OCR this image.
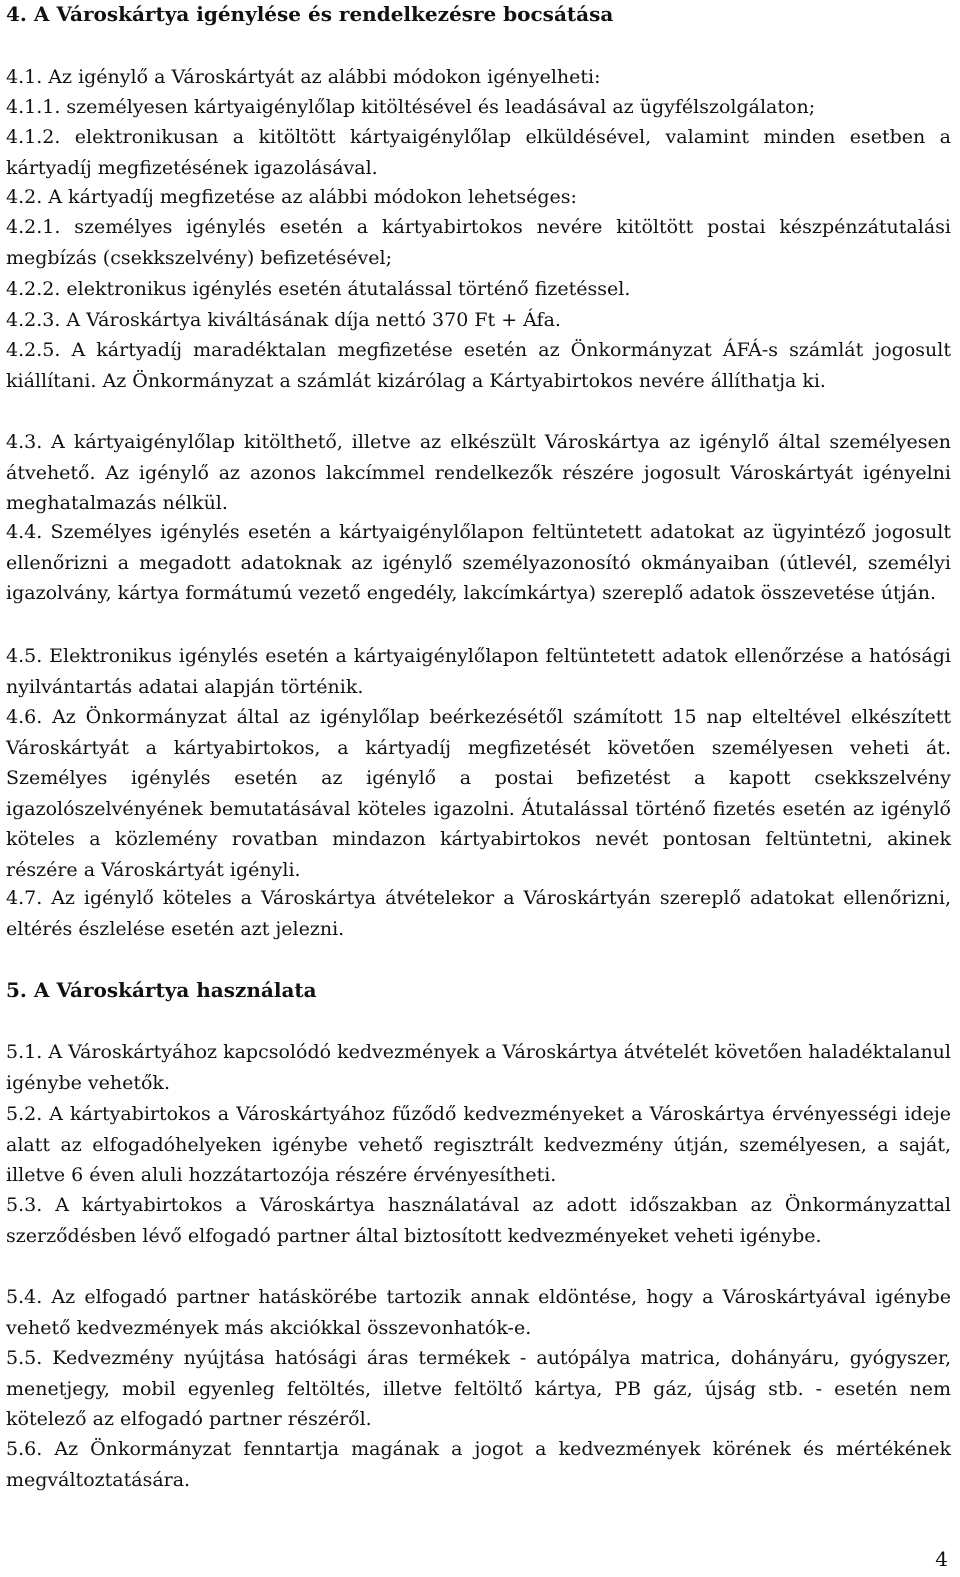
4. A Városkártya igénylése és rendelkezésre bocsátása

4.1. Az igénylő a Városkártyát az alábbi módokon igényelheti:

4.1.1. személyesen kártyaigénylőlap kitöltésével és leadásával az ügyfélszolgálaton;

4.1.2. elektronikusan a kitöltött kártyaigénylőlap elküldésével, valamint minden esetben a kártyadíj megfizetésének igazolásával.

4.2. A kártyadíj megfizetése az alábbi módokon lehetséges:

4.2.1. személyes igénylés esetén a kártyabirtokos nevére kitöltött postai készpénzátutalási megbízás (csekkszelvény) befizetésével;

4.2.2. elektronikus igénylés esetén átutalással történő fizetéssel.

4.2.3. A Városkártya kiváltásának díja nettó 370 Ft + Áfa.

4.2.5. A kártyadíj maradéktalan megfizetése esetén az Önkormányzat ÁFÁ-s számlát jogosult kiállítani. Az Önkormányzat a számlát kizárólag a Kártyabirtokos nevére állíthatja ki.

4.3. A kártyaigénylőlap kitölthető, illetve az elkészült Városkártya az igénylő által személyesen átvehető. Az igénylő az azonos lakcímmel rendelkezők részére jogosult Városkártyát igényelni meghatalmazás nélkül.

4.4. Személyes igénylés esetén a kártyaigénylőlapon feltüntetett adatokat az ügyintéző jogosult ellenőrizni a megadott adatoknak az igénylő személyazonosító okmányaiban (útlevél, személyi igazolvány, kártya formátumú vezető engedély, lakcímkártya) szereplő adatok összevetése útján.

4.5. Elektronikus igénylés esetén a kártyaigénylőlapon feltüntetett adatok ellenőrzése a hatósági nyilvántartás adatai alapján történik.

4.6. Az Önkormányzat által az igénylőlap beérkezésétől számított 15 nap elteltével elkészített Városkártyát a kártyabirtokos, a kártyadíj megfizetését követően személyesen veheti át. Személyes igénylés esetén az igénylő a postai befizetést a kapott csekkszelvény igazolószelvényének bemutatásával köteles igazolni. Átutalással történő fizetés esetén az igénylő köteles a közlemény rovatban mindazon kártyabirtokos nevét pontosan feltüntetni, akinek részére a Városkártyát igényli.

4.7. Az igénylő köteles a Városkártya átvételekor a Városkártyán szereplő adatokat ellenőrizni, eltérés észlelése esetén azt jelezni.

5. A Városkártya használata

5.1. A Városkártyához kapcsolódó kedvezmények a Városkártya átvételét követően haladéktalanul igénybe vehetők.

5.2. A kártyabirtokos a Városkártyához fűződő kedvezményeket a Városkártya érvényességi ideje alatt az elfogadóhelyeken igénybe vehető regisztrált kedvezmény útján, személyesen, a saját, illetve 6 éven aluli hozzátartozója részére érvényesítheti.

5.3. A kártyabirtokos a Városkártya használatával az adott időszakban az Önkormányzattal szerződésben lévő elfogadó partner által biztosított kedvezményeket veheti igénybe.

5.4. Az elfogadó partner hatáskörébe tartozik annak eldöntése, hogy a Városkártyával igénybe vehető kedvezmények más akciókkal összevonhatók-e.

5.5. Kedvezmény nyújtása hatósági áras termékek - autópálya matrica, dohányáru, gyógyszer, menetjegy, mobil egyenleg feltöltés, illetve feltöltő kártya, PB gáz, újság stb. - esetén nem kötelező az elfogadó partner részéről.

5.6. Az Önkormányzat fenntartja magának a jogot a kedvezmények körének és mértékének megváltoztatására.

4
